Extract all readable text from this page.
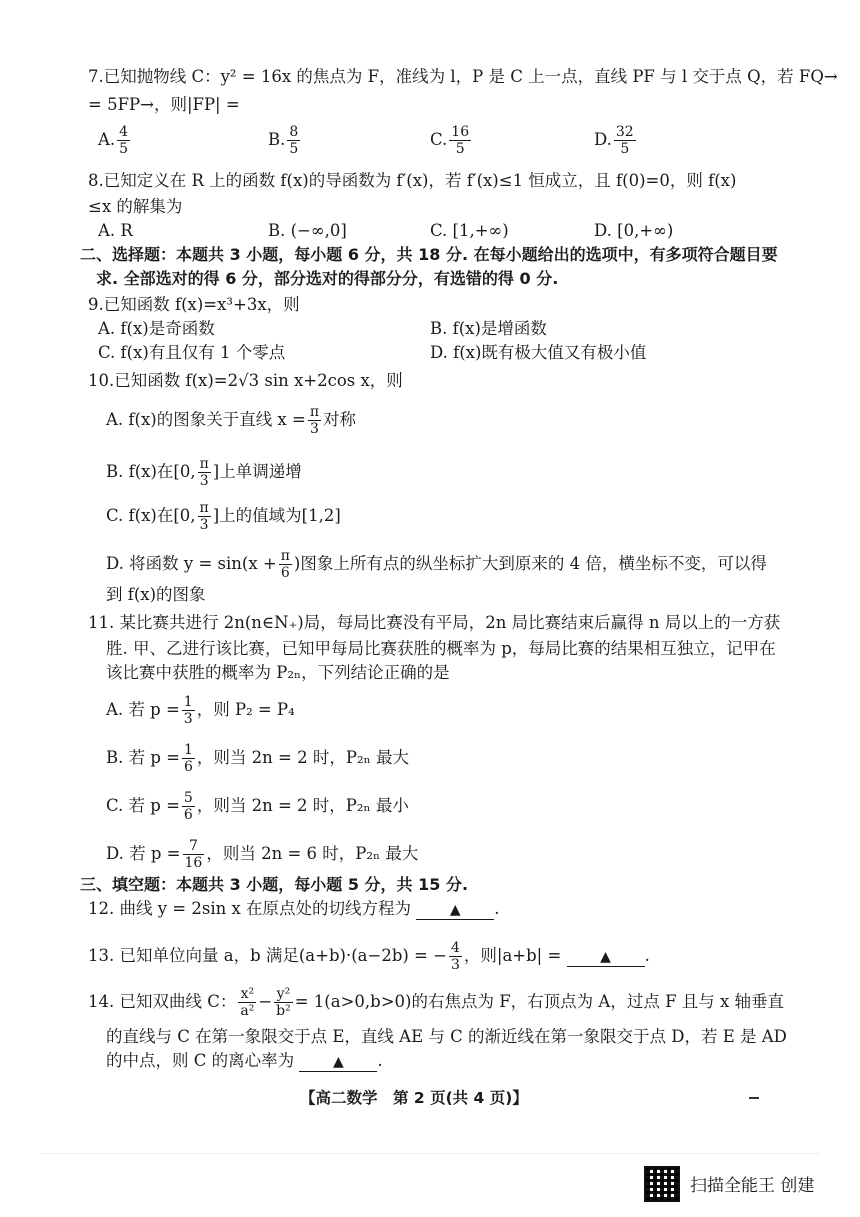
7.已知抛物线 C：y² = 16x 的焦点为 F，准线为 l，P 是 C 上一点，直线 PF 与 l 交于点 Q，若 FQ→
= 5FP→，则|FP| =
A. $\frac{4}{5}$	B. $\frac{8}{5}$	C. $\frac{16}{5}$	D. $\frac{32}{5}$
8.已知定义在 R 上的函数 f(x)的导函数为 f′(x)，若 f′(x)≤1 恒成立，且 f(0)=0，则 f(x)
≤x 的解集为
A. R	B. (−∞,0]	C. [1,+∞)	D. [0,+∞)
二、选择题：本题共 3 小题，每小题 6 分，共 18 分. 在每小题给出的选项中，有多项符合题目要
求. 全部选对的得 6 分，部分选对的得部分分，有选错的得 0 分.
9.已知函数 f(x)=x³+3x，则
A. f(x)是奇函数	B. f(x)是增函数
C. f(x)有且仅有 1 个零点	D. f(x)既有极大值又有极小值
10.已知函数 f(x)=2√3 sin x+2cos x，则
A. f(x)的图象关于直线 $x = \frac{\pi}{3}$ 对称
B. f(x)在[0, $\frac{\pi}{3}$ ]上单调递增
C. f(x)在[0, $\frac{\pi}{3}$ ]上的值域为[1,2]
D. 将函数 $y = \sin(x + \frac{\pi}{6}$ )图象上所有点的纵坐标扩大到原来的 4 倍，横坐标不变，可以得
到 f(x)的图象
11. 某比赛共进行 2n(n∈N₊)局，每局比赛没有平局，2n 局比赛结束后赢得 n 局以上的一方获
胜. 甲、乙进行该比赛，已知甲每局比赛获胜的概率为 p，每局比赛的结果相互独立，记甲在
该比赛中获胜的概率为 P₂ₙ，下列结论正确的是
A. 若 $p = \frac{1}{3}$ ，则 P₂ = P₄
B. 若 $p = \frac{1}{6}$ ，则当 2n = 2 时，P₂ₙ 最大
C. 若 $p = \frac{5}{6}$ ，则当 2n = 2 时，P₂ₙ 最小
D. 若 $p = \frac{7}{16}$ ，则当 2n = 6 时，P₂ₙ 最大
三、填空题：本题共 3 小题，每小题 5 分，共 15 分.
12. 曲线 y = 2sin x 在原点处的切线方程为	▲ .
13. 已知单位向量 a，b 满足(a+b)·(a−2b) = − $\frac{4}{3}$ ，则|a+b| =	▲ .
14. 已知双曲线 C： $\frac{\text{x²}}{\text{a²}} - \frac{\text{y²}}{\text{b²}} = 1(a>0,b>0)$的右焦点为 F，右顶点为 A，过点 F 且与 x 轴垂直
的直线与 C 在第一象限交于点 E，直线 AE 与 C 的渐近线在第一象限交于点 D，若 E 是 AD
的中点，则 C 的离心率为	▲ .
【高二数学　第 2 页(共 4 页)】
扫描全能王 创建
